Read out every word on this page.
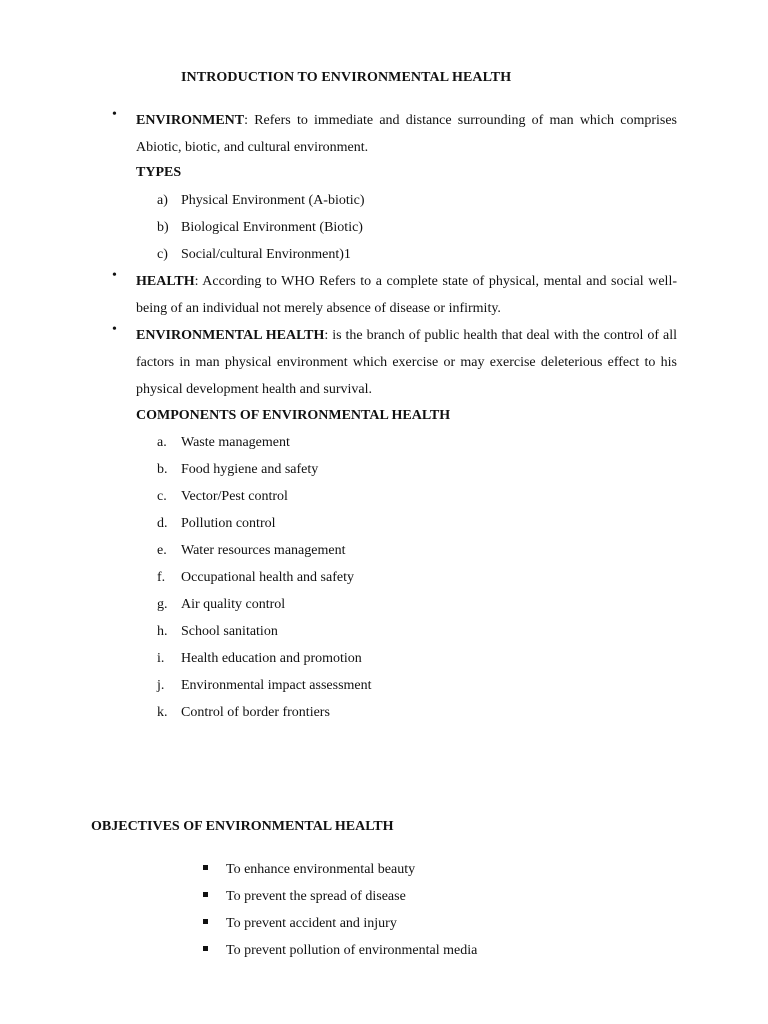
INTRODUCTION TO ENVIRONMENTAL HEALTH
• ENVIRONMENT: Refers to immediate and distance surrounding of man which comprises Abiotic, biotic, and cultural environment.
TYPES
a) Physical Environment (A-biotic)
b) Biological Environment (Biotic)
c) Social/cultural Environment)1
• HEALTH: According to WHO Refers to a complete state of physical, mental and social well-being of an individual not merely absence of disease or infirmity.
• ENVIRONMENTAL HEALTH: is the branch of public health that deal with the control of all factors in man physical environment which exercise or may exercise deleterious effect to his physical development health and survival.
COMPONENTS OF ENVIRONMENTAL HEALTH
a. Waste management
b. Food hygiene and safety
c. Vector/Pest control
d. Pollution control
e. Water resources management
f. Occupational health and safety
g. Air quality control
h. School sanitation
i. Health education and promotion
j. Environmental impact assessment
k. Control of border frontiers
OBJECTIVES OF ENVIRONMENTAL HEALTH
To enhance environmental beauty
To prevent the spread of disease
To prevent accident and injury
To prevent pollution of environmental media
